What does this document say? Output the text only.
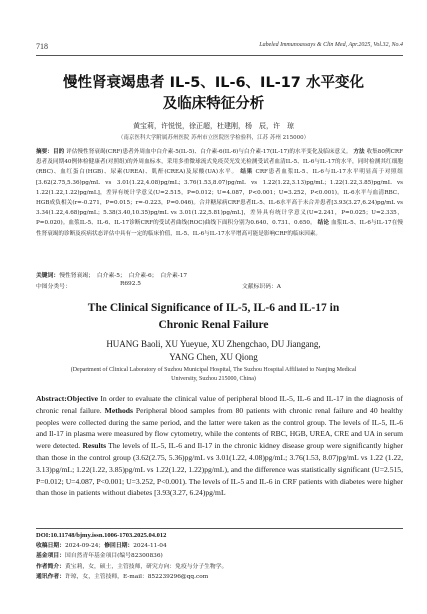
718	Labeled Immunoassays & Clin Med, Apr.2025, Vol.32, No.4
慢性肾衰竭患者 IL-5、IL-6、IL-17 水平变化
及临床特征分析
黄宝莉，许悦悦，徐正超，杜建刚，杨　辰，许　琼
（南京医科大学附属苏州医院 苏州市立医院医学检验科，江苏 苏州 215000）
摘要：目的 评估慢性肾衰竭(CRF)患者外周血中白介素-5(IL-5)、白介素-6(IL-6)与白介素-17(IL-17)的水平变化及临床意义。 方法 收集80例CRF患者及同期40例体检健康者(对照组)的外周血标本，采用多重微球流式免疫荧光发光检测受试者血清IL-5、IL-6与IL-17的水平，同时检测其红细胞(RBC)、血红蛋白(HGB)、尿素(UREA)、肌酐(CREA)及尿酸(UA)水平。 结果 CRF患者血浆IL-5、IL-6与IL-17水平明显高于对照组[3.62(2.75,5.36)pg/mL vs 3.01(1.22,4.08)pg/mL；3.76(1.53,8.07)pg/mL vs 1.22(1.22,3.13)pg/mL；1.22(1.22,3.85)pg/mL vs 1.22(1.22,1.22)pg/mL]，差异有统计学意义(U=2.515，P=0.012；U=4.087，P<0.001；U=3.252，P<0.001)。IL-6水平与血清RBC、HGB成负相关(r=-0.271，P=0.015；r=-0.223，P=0.046)。合并糖尿病CRF患者IL-5、IL-6水平高于未合并患者[3.93(3.27,6.24)pg/mL vs 3.34(1.22,4.68)pg/mL；5.38(3.40,10.35)pg/mL vs 3.01(1.22,5.81)pg/mL]，差异具有统计学意义(U=2.241，P=0.025；U=2.335，P=0.020)。血浆IL-5、IL-6、IL-17诊断CRF的受试者曲线(ROC)曲线下面积分别为0.640、0.731、0.650。 结论 血浆IL-5、IL-6与IL-17在慢性肾衰竭的诊断及疾病状态评估中具有一定的临床价值，IL-5、IL-6与IL-17水平增高可能是影响CRF的临床因素。
关键词：慢性肾衰竭；　白介素-5；　白介素-6；　白介素-17
中图分类号：	R692.5	文献标识码：A
The Clinical Significance of IL-5, IL-6 and IL-17 in
Chronic Renal Failure
HUANG Baoli, XU Yueyue, XU Zhengchao, DU Jiangang,
YANG Chen, XU Qiong
(Department of Clinical Laboratory of Suzhou Municipal Hospital, The Suzhou Hospital Affiliated to Nanjing Medical University, Suzhou 215000, China)
Abstract:Objective In order to evaluate the clinical value of peripheral blood IL-5, IL-6 and IL-17 in the diagnosis of chronic renal failure. Methods Peripheral blood samples from 80 patients with chronic renal failure and 40 healthy peoples were collected during the same period, and the latter were taken as the control group. The levels of IL-5, IL-6 and Il-17 in plasma were measured by flow cytometry, while the contents of RBC, HGB, UREA, CRE and UA in serum were detected. Results The levels of IL-5, IL-6 and Il-17 in the chronic kidney disease group were significantly higher than those in the control group (3.62(2.75, 5.36)pg/mL vs 3.01(1.22, 4.08)pg/mL; 3.76(1.53, 8.07)pg/mL vs 1.22 (1.22, 3.13)pg/mL; 1.22(1.22, 3.85)pg/mL vs 1.22(1.22, 1.22)pg/mL), and the difference was statistically significant (U=2.515, P=0.012; U=4.087, P<0.001; U=3.252, P<0.001). The levels of IL-5 and IL-6 in CRF patients with diabetes were higher than those in patients without diabetes [3.93(3.27, 6.24)pg/mL
DOI:10.11748/bjmy.issn.1006-1703.2025.04.012
收稿日期：2024-09-24；修回日期：2024-11-04
基金项目：国自然青年基金项目(编号82300836)
作者简介：黄宝莉，女，硕士，主管技师，研究方向：免疫与分子生物学。
通讯作者：许琼，女，主管技师，E-mail：852239296@qq.com
